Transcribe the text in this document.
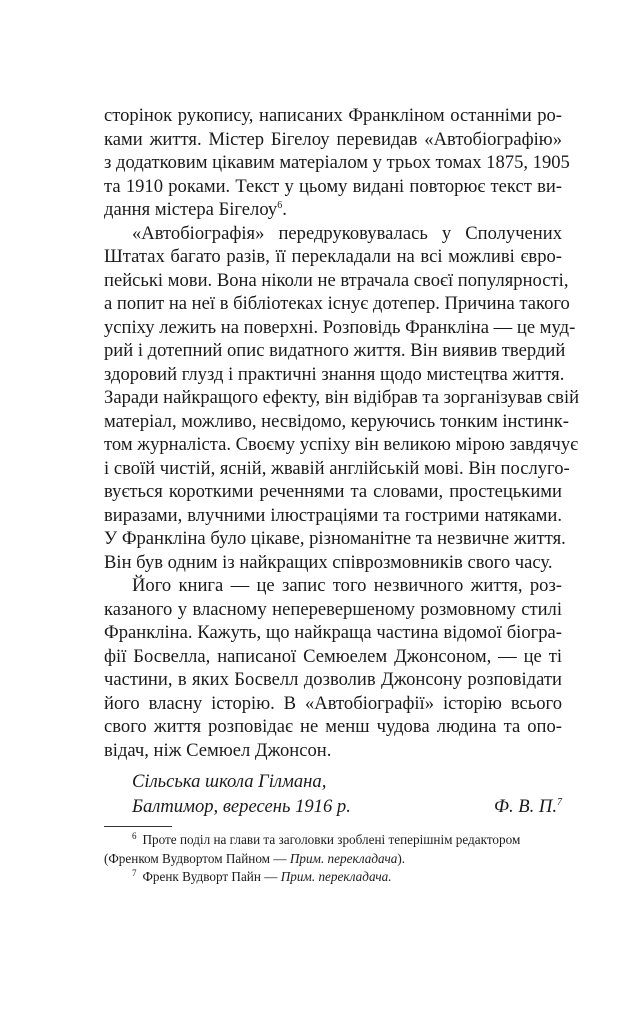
сторінок рукопису, написаних Франкліном останніми ро-
ками життя. Містер Бігелоу перевидав «Автобіографію»
з додатковим цікавим матеріалом у трьох томах 1875, 1905
та 1910 роками. Текст у цьому видані повторює текст ви-
дання містера Бігелоу$^6$.
«Автобіографія» передруковувалась у Сполучених
Штатах багато разів, її перекладали на всі можливі євро-
пейські мови. Вона ніколи не втрачала своєї популярності,
а попит на неї в бібліотеках існує дотепер. Причина такого
успіху лежить на поверхні. Розповідь Франкліна — це муд-
рий і дотепний опис видатного життя. Він виявив твердий
здоровий глузд і практичні знання щодо мистецтва життя.
Заради найкращого ефекту, він відібрав та зорганізував свій
матеріал, можливо, несвідомо, керуючись тонким інстинк-
том журналіста. Своєму успіху він великою мірою завдячує
і своїй чистій, ясній, жвавій англійській мові. Він послуго-
вується короткими реченнями та словами, простецькими
виразами, влучними ілюстраціями та гострими натяками.
У Франкліна було цікаве, різноманітне та незвичне життя.
Він був одним із найкращих співрозмовників свого часу.
Його книга — це запис того незвичного життя, роз-
казаного у власному неперевершеному розмовному стилі
Франкліна. Кажуть, що найкраща частина відомої біогра-
фії Босвелла, написаної Семюелем Джонсоном, — це ті
частини, в яких Босвелл дозволив Джонсону розповідати
його власну історію. В «Автобіографії» історію всього
свого життя розповідає не менш чудова людина та опо-
відач, ніж Семюел Джонсон.
Сільська школа Гілмана,
Балтимор, вересень 1916 р.	Ф. В. П.$^7$
$^6$ Проте поділ на глави та заголовки зроблені теперішнім редактором
(Френком Вудвортом Пайном — Прим. перекладача).
$^7$ Френк Вудворт Пайн — Прим. перекладача.
